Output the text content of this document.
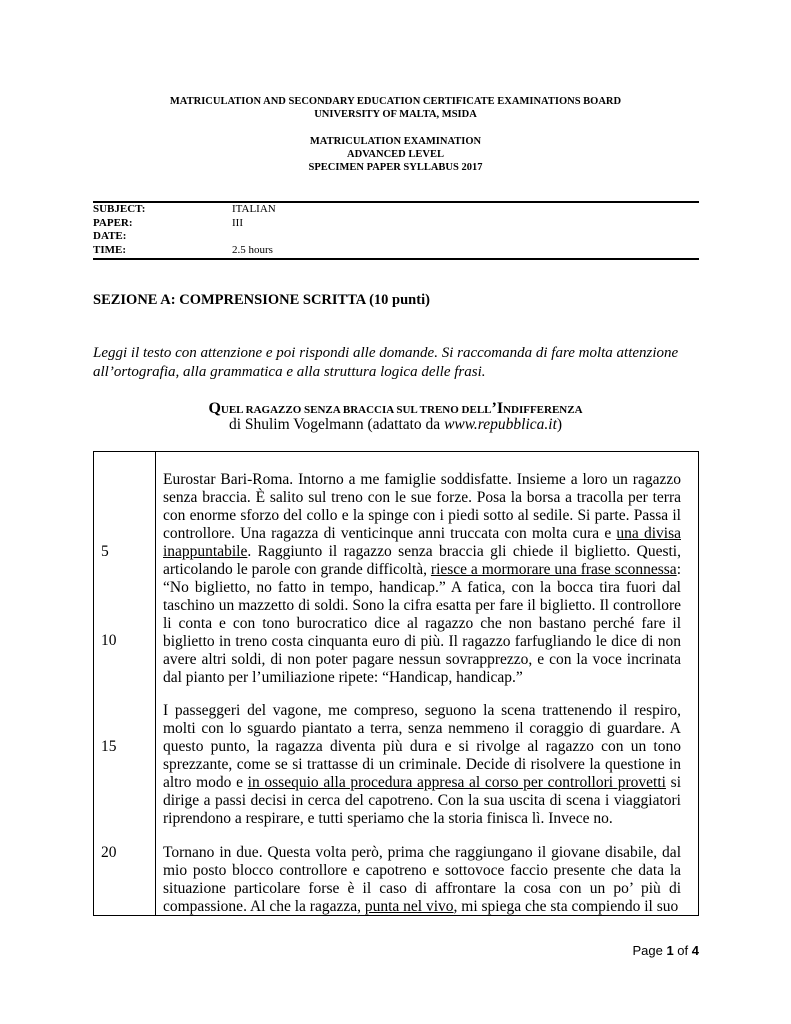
MATRICULATION AND SECONDARY EDUCATION CERTIFICATE EXAMINATIONS BOARD
UNIVERSITY OF MALTA, MSIDA
MATRICULATION EXAMINATION
ADVANCED LEVEL
SPECIMEN PAPER SYLLABUS 2017
SUBJECT:	ITALIAN
PAPER:	III
DATE:
TIME:	2.5 hours
SEZIONE A: COMPRENSIONE SCRITTA (10 punti)
Leggi il testo con attenzione e poi rispondi alle domande. Si raccomanda di fare molta attenzione all’ortografia, alla grammatica e alla struttura logica delle frasi.
QUEL RAGAZZO SENZA BRACCIA SUL TRENO DELL’INDIFFERENZA
di Shulim Vogelmann (adattato da www.repubblica.it)
5
10
15
20

Eurostar Bari-Roma. Intorno a me famiglie soddisfatte. Insieme a loro un ragazzo senza braccia. È salito sul treno con le sue forze. Posa la borsa a tracolla per terra con enorme sforzo del collo e la spinge con i piedi sotto al sedile. Si parte. Passa il controllore. Una ragazza di venticinque anni truccata con molta cura e una divisa inappuntabile. Raggiunto il ragazzo senza braccia gli chiede il biglietto. Questi, articolando le parole con grande difficoltà, riesce a mormorare una frase sconnessa: “No biglietto, no fatto in tempo, handicap.” A fatica, con la bocca tira fuori dal taschino un mazzetto di soldi. Sono la cifra esatta per fare il biglietto. Il controllore li conta e con tono burocratico dice al ragazzo che non bastano perché fare il biglietto in treno costa cinquanta euro di più. Il ragazzo farfugliando le dice di non avere altri soldi, di non poter pagare nessun sovrapprezzo, e con la voce incrinata dal pianto per l’umiliazione ripete: “Handicap, handicap.”

I passeggeri del vagone, me compreso, seguono la scena trattenendo il respiro, molti con lo sguardo piantato a terra, senza nemmeno il coraggio di guardare. A questo punto, la ragazza diventa più dura e si rivolge al ragazzo con un tono sprezzante, come se si trattasse di un criminale. Decide di risolvere la questione in altro modo e in ossequio alla procedura appresa al corso per controllori provetti si dirige a passi decisi in cerca del capotreno. Con la sua uscita di scena i viaggiatori riprendono a respirare, e tutti speriamo che la storia finisca lì. Invece no.

Tornano in due. Questa volta però, prima che raggiungano il giovane disabile, dal mio posto blocco controllore e capotreno e sottovoce faccio presente che data la situazione particolare forse è il caso di affrontare la cosa con un po’ più di compassione. Al che la ragazza, punta nel vivo, mi spiega che sta compiendo il suo

Page 1 of 4
